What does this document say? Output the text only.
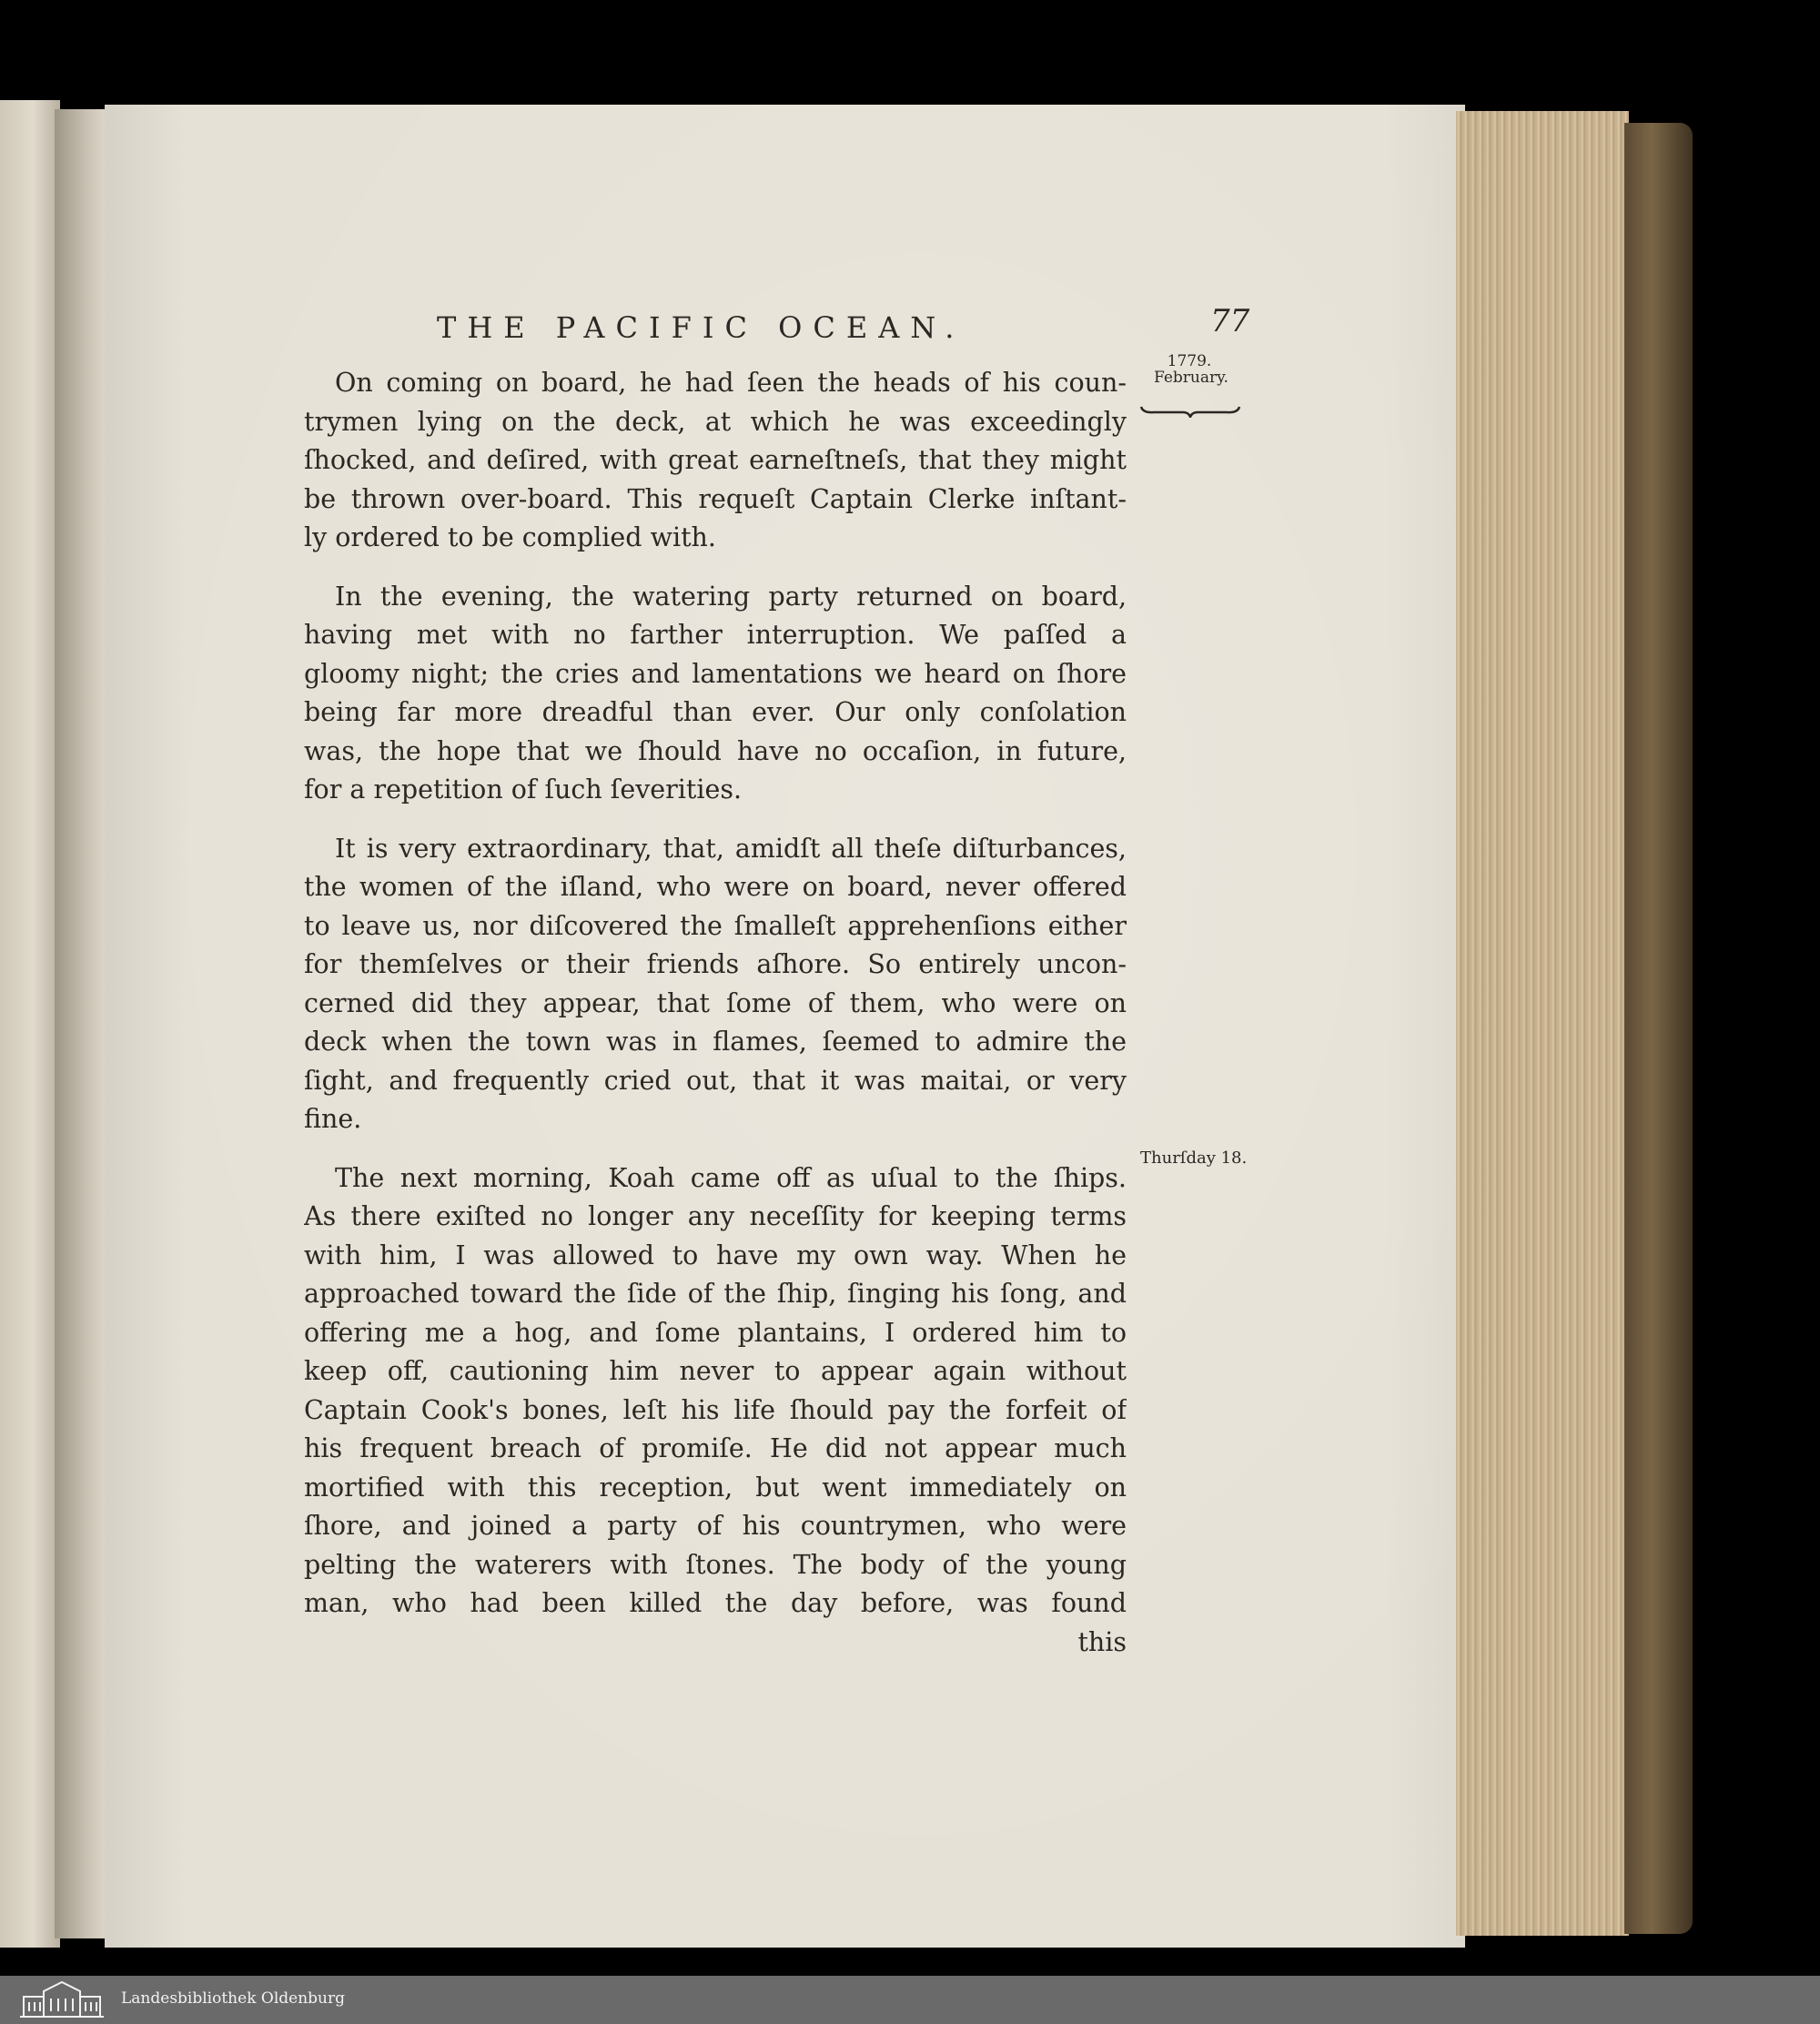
THE PACIFIC OCEAN.	77
1779.
February.
Thurſday 18.
On coming on board, he had ſeen the heads of his coun-
trymen lying on the deck, at which he was exceedingly
ſhocked, and deſired, with great earneſtneſs, that they might
be thrown over-board. This requeſt Captain Clerke inſtant-
ly ordered to be complied with.
In the evening, the watering party returned on board,
having met with no farther interruption. We paſſed a
gloomy night; the cries and lamentations we heard on ſhore
being far more dreadful than ever. Our only conſolation
was, the hope that we ſhould have no occaſion, in future,
for a repetition of ſuch ſeverities.
It is very extraordinary, that, amidſt all theſe diſturbances,
the women of the iſland, who were on board, never offered
to leave us, nor diſcovered the ſmalleſt apprehenſions either
for themſelves or their friends aſhore. So entirely uncon-
cerned did they appear, that ſome of them, who were on
deck when the town was in flames, ſeemed to admire the
ſight, and frequently cried out, that it was maitai, or very
fine.
The next morning, Koah came off as uſual to the ſhips.
As there exiſted no longer any neceſſity for keeping terms
with him, I was allowed to have my own way. When he
approached toward the ſide of the ſhip, ſinging his ſong, and
offering me a hog, and ſome plantains, I ordered him to
keep off, cautioning him never to appear again without
Captain Cook's bones, leſt his life ſhould pay the forfeit of
his frequent breach of promiſe. He did not appear much
mortified with this reception, but went immediately on
ſhore, and joined a party of his countrymen, who were
pelting the waterers with ſtones. The body of the young
man, who had been killed the day before, was found
this
Landesbibliothek Oldenburg
